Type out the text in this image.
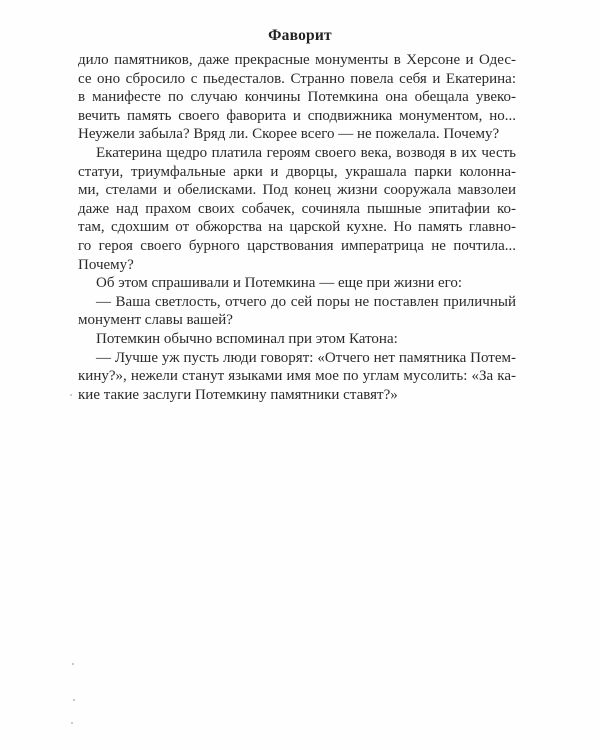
Фаворит
дило памятников, даже прекрасные монументы в Херсоне и Одес-
се оно сбросило с пьедесталов. Странно повела себя и Екатерина:
в манифесте по случаю кончины Потемкина она обещала увеко-
вечить память своего фаворита и сподвижника монументом, но...
Неужели забыла? Вряд ли. Скорее всего — не пожелала. Почему?
Екатерина щедро платила героям своего века, возводя в их честь
статуи, триумфальные арки и дворцы, украшала парки колонна-
ми, стелами и обелисками. Под конец жизни сооружала мавзолеи
даже над прахом своих собачек, сочиняла пышные эпитафии ко-
там, сдохшим от обжорства на царской кухне. Но память главно-
го героя своего бурного царствования императрица не почтила...
Почему?
Об этом спрашивали и Потемкина — еще при жизни его:
— Ваша светлость, отчего до сей поры не поставлен приличный
монумент славы вашей?
Потемкин обычно вспоминал при этом Катона:
— Лучше уж пусть люди говорят: «Отчего нет памятника Потем-
кину?», нежели станут языками имя мое по углам мусолить: «За ка-
кие такие заслуги Потемкину памятники ставят?»
